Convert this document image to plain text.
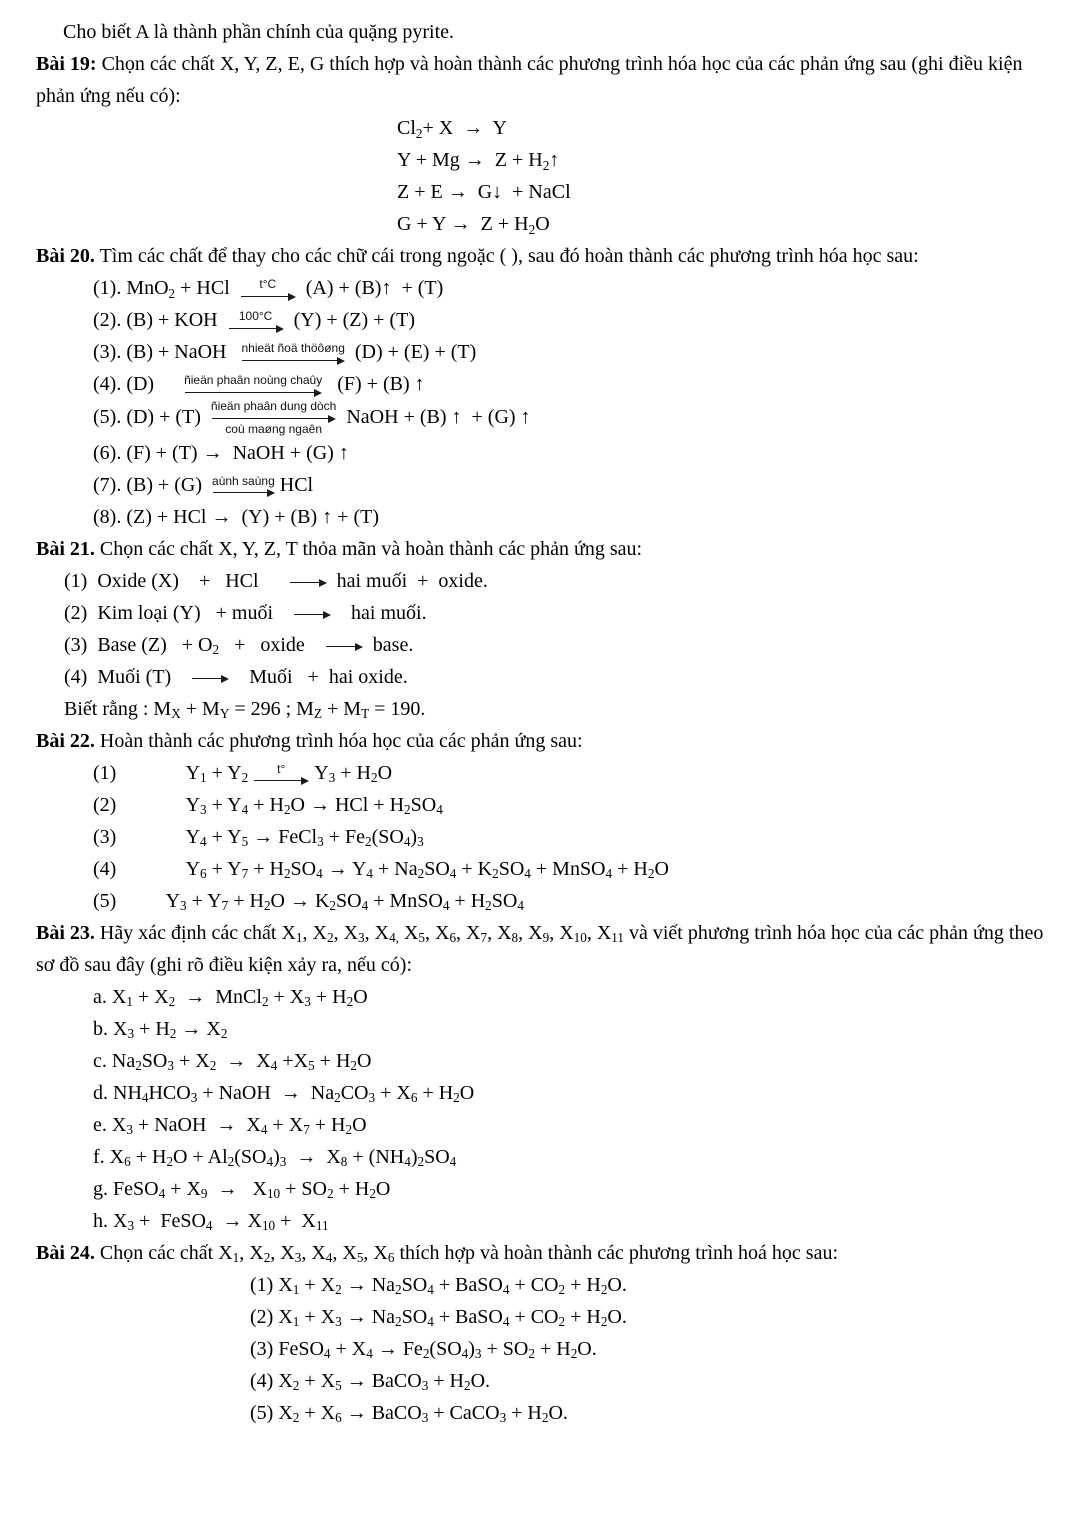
Cho biết A là thành phần chính của quặng pyrite.
Bài 19: Chọn các chất X, Y, Z, E, G thích hợp và hoàn thành các phương trình hóa học của các phản ứng sau (ghi điều kiện phản ứng nếu có):
$Cl_2+ X \to Y$
$Y + Mg \to Z + H_2↑$
Z + E →  G↓  + NaCl
$G + Y \to Z + H_2O$
Bài 20. Tìm các chất để thay cho các chữ cái trong ngoặc ( ), sau đó hoàn thành các phương trình hóa học sau:
(1). MnO$_2$ + HCl t°C (A) + (B)↑  + (T)
(2). (B) + KOH 100°C (Y) + (Z) + (T)
(3). (B) + NaOH nhieät ñoä thöôøng (D) + (E) + (T)
(4). (D) ñieän phaân noùng chaûy (F) + (B) ↑
(5). (D) + (T) ñieän phaân dung dòch
coù maøng ngaên
NaOH + (B) ↑  + (G) ↑
(6). (F) + (T) →  NaOH + (G) ↑
(7). (B) + (G) aùnh saùng HCl
(8). (Z) + HCl →  (Y) + (B) ↑ + (T)
Bài 21. Chọn các chất X, Y, Z, T thỏa mãn và hoàn thành các phản ứng sau:
(1)  Oxide (X)    +   HCl
hai muối  +  oxide.
(2)  Kim loại (Y)   + muối
hai muối.
(3)  Base $(Z) + O_2$   +   oxide
base.
(4)  Muối (T)
Muối   +  hai oxide.
Biết rằng : $M_X + M_Y = 296$ ; $M_Z + M_T = 190$.
Bài 22. Hoàn thành các phương trình hóa học của các phản ứng sau:
(1)              $Y_1 + Y_2$
t° $Y_3 + H_2O$
(2)              $Y_3 + Y_4 + H_2O$ → HCl + $H_2SO_4$
(3)              $Y_4 + Y_5$ → FeCl$_3$ + $Fe_2(SO_4)_3$
(4)              $Y_6 + Y_7 + H_2SO_4 \to Y_4 + Na_2SO_4 + K_2SO_4$ + MnSO$_4$ + $H_2O$
(5)          $Y_3 + Y_7 + H_2O \to K_2SO_4$ + MnSO$_4$ + $H_2SO_4$
Bài 23. Hãy xác định các chất $X_1$, $X_2$, $X_3$, $X_{4,}$ $X_5$, $X_6$, $X_7$, $X_8$, $X_9$, $X_{10}$, $X_{11}$ và viết phương trình hóa học của các phản ứng theo sơ đồ sau đây (ghi rõ điều kiện xảy ra, nếu có):
a. $X_1 + X_2$  →  MnCl$_2$ + $X_3 + H_2O$
b. $X_3 + H_2 \to X_2$
c. $Na_2SO_3 + X_2 \to X_4 +X_5 + H_2O$
d. $NH_4HCO_3$ + NaOH  →  $Na_2CO_3 + X_6 + H_2O$
e. $X_3$ + NaOH  →  $X_4 + X_7 + H_2O$
f. $X_6 + H_2O + Al_2(SO_4)_3 \to X_8 + (NH_4)_2SO_4$
g. FeSO$_4$ + $X_9 \to X_{10} + SO_2 + H_2O$
h. $X_3$ +  FeSO$_4$  → $X_{10} + X_{11}$
Bài 24. Chọn các chất $X_1$, $X_2$, $X_3$, $X_4$, $X_5$, $X_6$ thích hợp và hoàn thành các phương trình hoá học sau:
(1) $X_1 + X_2 \to Na_2SO_4$ + BaSO$_4$ + $CO_2 + H_2O$.
(2) $X_1 + X_3 \to Na_2SO_4$ + BaSO$_4$ + $CO_2 + H_2O$.
(3) FeSO$_4$ + $X_4 \to Fe_2(SO_4)_3 + SO_2 + H_2O$.
(4) $X_2 + X_5$ → BaCO$_3$ + $H_2O$.
(5) $X_2 + X_6$ → BaCO$_3$ + CaCO$_3$ + $H_2O$.
